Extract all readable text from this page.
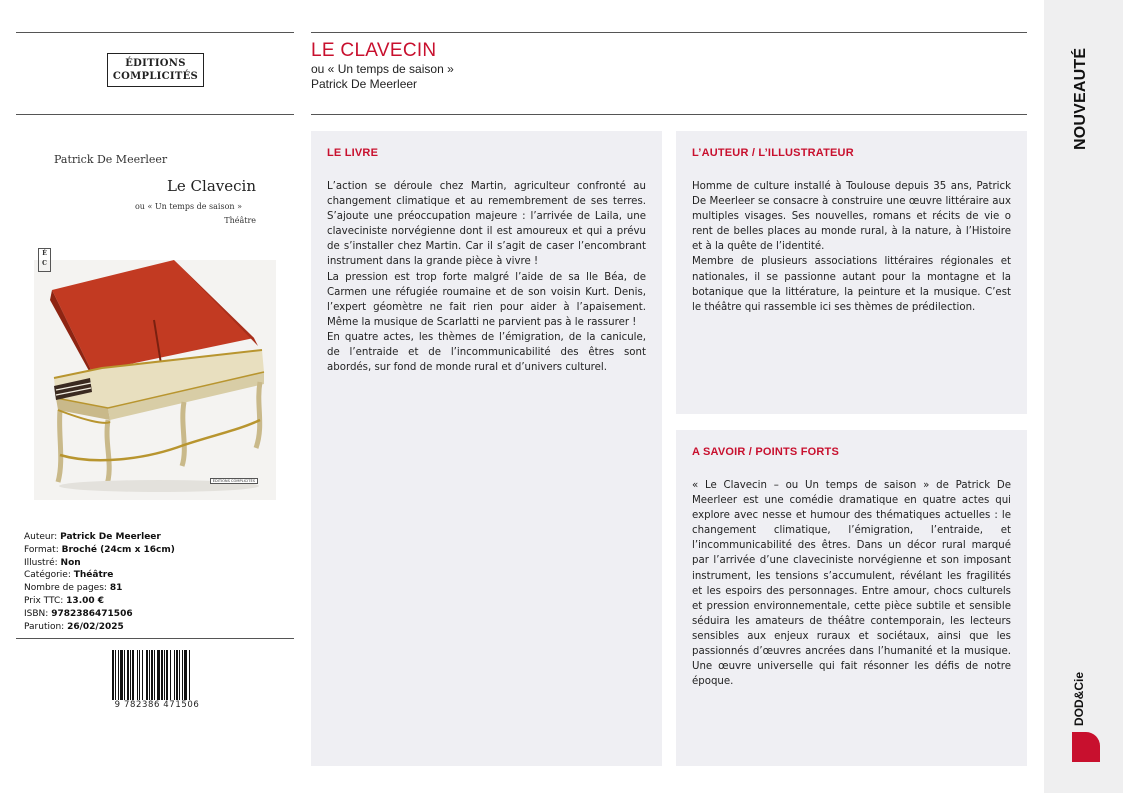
ÉDITIONS
COMPLICITÉS
Patrick De Meerleer
Le Clavecin
ou « Un temps de saison »
Théâtre
É
C
ÉDITIONS COMPLICITÉS
Auteur: Patrick De Meerleer
Format: Broché (24cm x 16cm)
Illustré: Non
Catégorie: Théâtre
Nombre de pages: 81
Prix TTC: 13.00 €
ISBN: 9782386471506
Parution: 26/02/2025
9 782386 471506
LE CLAVECIN
ou « Un temps de saison »
Patrick De Meerleer
LE LIVRE

L’action se déroule chez Martin, agriculteur confronté au changement climatique et au remembrement de ses terres. S’ajoute une préoccupation majeure : l’arrivée de Laila, une claveciniste norvégienne dont il est amoureux et qui a prévu de s’installer chez Martin. Car il s’agit de caser l’encombrant instrument dans la grande pièce à vivre !

La pression est trop forte malgré l’aide de sa lle Béa, de Carmen une réfugiée roumaine et de son voisin Kurt. Denis, l’expert géomètre ne fait rien pour aider à l’apaisement. Même la musique de Scarlatti ne parvient pas à le rassurer !

En quatre actes, les thèmes de l’émigration, de la canicule, de l’entraide et de l’incommunicabilité des êtres sont abordés, sur fond de monde rural et d’univers culturel.

L’AUTEUR / L’ILLUSTRATEUR

Homme de culture installé à Toulouse depuis 35 ans, Patrick De Meerleer se consacre à construire une œuvre littéraire aux multiples visages. Ses nouvelles, romans et récits de vie o rent de belles places au monde rural, à la nature, à l’Histoire et à la quête de l’identité.

Membre de plusieurs associations littéraires régionales et nationales, il se passionne autant pour la montagne et la botanique que la littérature, la peinture et la musique. C’est le théâtre qui rassemble ici ses thèmes de prédilection.

A SAVOIR / POINTS FORTS

« Le Clavecin – ou Un temps de saison » de Patrick De Meerleer est une comédie dramatique en quatre actes qui explore avec nesse et humour des thématiques actuelles : le changement climatique, l’émigration, l’entraide, et l’incommunicabilité des êtres. Dans un décor rural marqué par l’arrivée d’une claveciniste norvégienne et son imposant instrument, les tensions s’accumulent, révélant les fragilités et les espoirs des personnages. Entre amour, chocs culturels et pression environnementale, cette pièce subtile et sensible séduira les amateurs de théâtre contemporain, les lecteurs sensibles aux enjeux ruraux et sociétaux, ainsi que les passionnés d’œuvres ancrées dans l’humanité et la musique. Une œuvre universelle qui fait résonner les défis de notre époque.

NOUVEAUTÉ
DOD&Cie
